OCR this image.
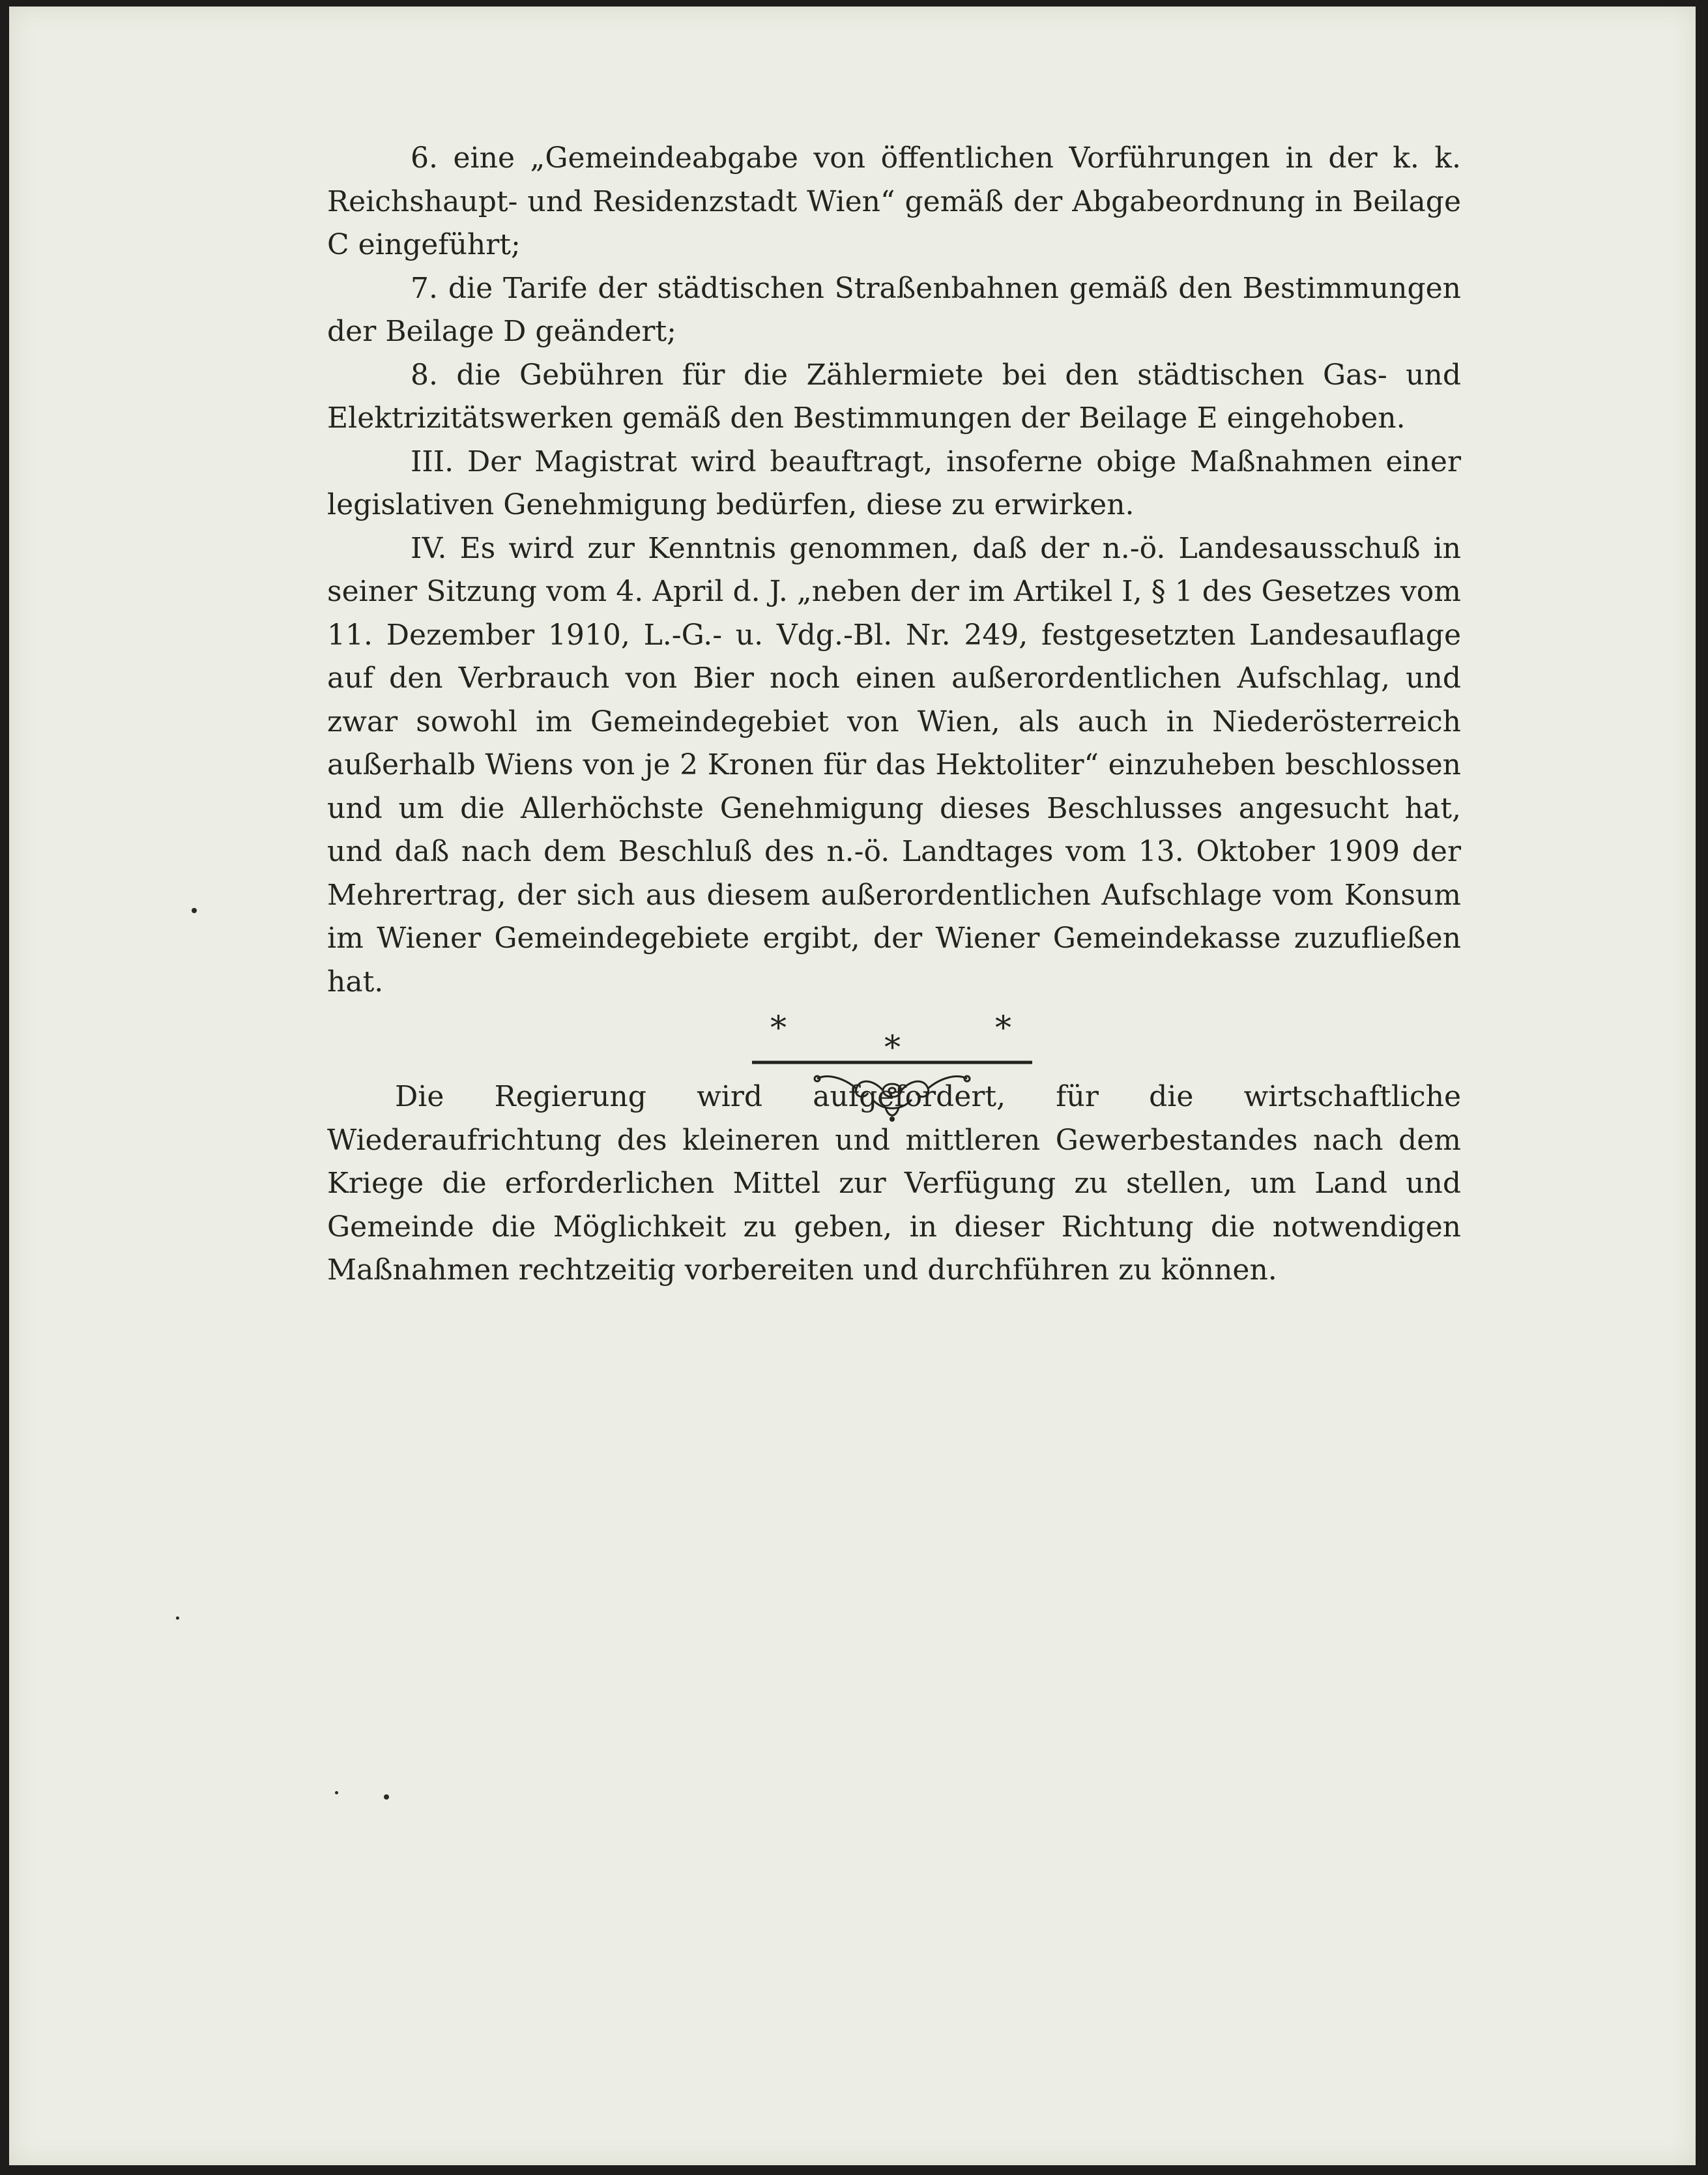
6. eine „Gemeindeabgabe von öffentlichen Vorführungen in der k. k. Reichshaupt- und Residenzstadt Wien“ gemäß der Abgabeordnung in Beilage C eingeführt;

7. die Tarife der städtischen Straßenbahnen gemäß den Bestimmungen der Beilage D geändert;

8. die Gebühren für die Zählermiete bei den städtischen Gas- und Elektrizitätswerken gemäß den Bestimmungen der Beilage E eingehoben.

III. Der Magistrat wird beauftragt, insoferne obige Maßnahmen einer legislativen Genehmigung bedürfen, diese zu erwirken.

IV. Es wird zur Kenntnis genommen, daß der n.-ö. Landesausschuß in seiner Sitzung vom 4. April d. J. „neben der im Artikel I, § 1 des Gesetzes vom 11. Dezember 1910, L.-G.- u. Vdg.-Bl. Nr. 249, festgesetzten Landesauflage auf den Verbrauch von Bier noch einen außerordentlichen Aufschlag, und zwar sowohl im Gemeindegebiet von Wien, als auch in Niederösterreich außerhalb Wiens von je 2 Kronen für das Hektoliter“ einzuheben beschlossen und um die Allerhöchste Genehmigung dieses Beschlusses angesucht hat, und daß nach dem Beschluß des n.-ö. Landtages vom 13. Oktober 1909 der Mehrertrag, der sich aus diesem außerordentlichen Aufschlage vom Konsum im Wiener Gemeindegebiete ergibt, der Wiener Gemeindekasse zuzufließen hat.

*
*
*

Die Regierung wird aufgefordert, für die wirtschaftliche Wiederaufrichtung des kleineren und mittleren Gewerbestandes nach dem Kriege die erforderlichen Mittel zur Verfügung zu stellen, um Land und Gemeinde die Möglichkeit zu geben, in dieser Richtung die notwendigen Maßnahmen rechtzeitig vorbereiten und durchführen zu können.
